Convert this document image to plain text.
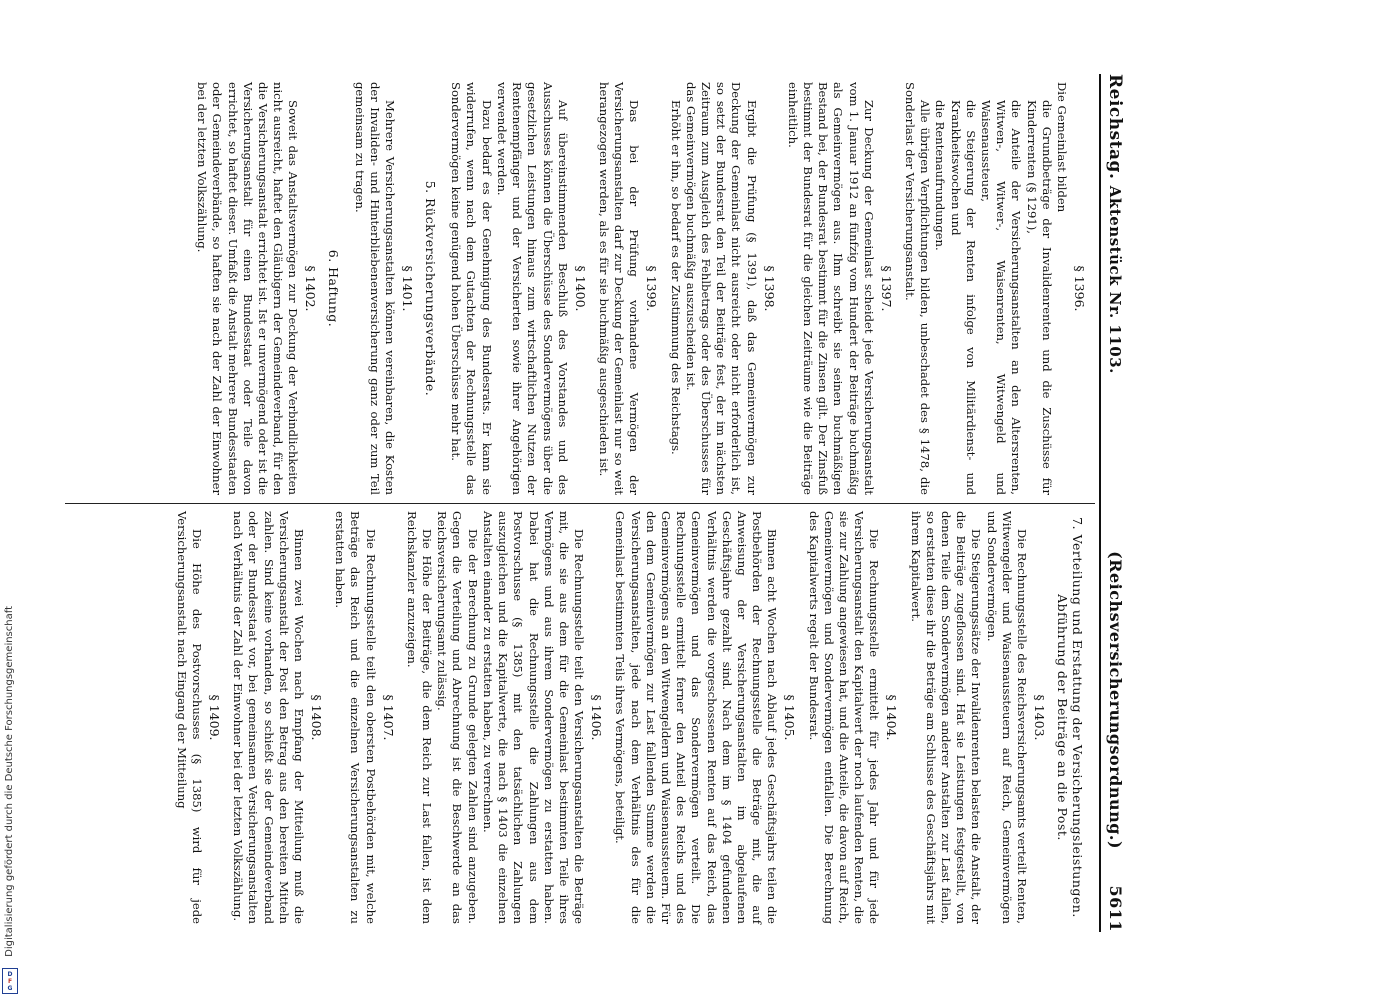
Reichstag. Aktenstück Nr. 1103.
(Reichsversicherungsordnung.)      5611
§ 1396.

Die Gemeinlast bilden

die Grundbeträge der Invalidenrenten und die Zuschüsse für Kinderrenten (§ 1291),

die Anteile der Versicherungsanstalten an den Altersrenten, Witwen-, Witwer-, Waisenrenten, Witwengeld und Waisenaussteuer,

die Steigerung der Renten infolge von Militärdienst- und Krankheitswochen und

die Rentenaufrundungen.

Alle übrigen Verpflichtungen bilden, unbeschadet des § 1478, die Sonderlast der Versicherungsanstalt.

§ 1397.

Zur Deckung der Gemeinlast scheidet jede Versicherungsanstalt vom 1. Januar 1912 an fünfzig vom Hundert der Beiträge buchmäßig als Gemeinvermögen aus. Ihm schreibt sie seinen buchmäßigen Bestand bei, der Bundesrat bestimmt für die Zinsen gilt. Der Zinsfuß bestimmt der Bundesrat für die gleichen Zeiträume wie die Beiträge einheitlich.

§ 1398.

Ergibt die Prüfung (§ 1391), daß das Gemeinvermögen zur Deckung der Gemeinlast nicht ausreicht oder nicht erforderlich ist, so setzt der Bundesrat den Teil der Beiträge fest, der im nächsten Zeitraum zum Ausgleich des Fehlbetrags oder des Überschusses für das Gemeinvermögen buchmäßig auszuscheiden ist.

Erhöht er ihn, so bedarf es der Zustimmung des Reichstags.

§ 1399.

Das bei der Prüfung vorhandene Vermögen der Versicherungsanstalten darf zur Deckung der Gemeinlast nur so weit herangezogen werden, als es für sie buchmäßig ausgeschieden ist.

§ 1400.

Auf übereinstimmenden Beschluß des Vorstandes und des Ausschusses können die Überschüsse des Sondervermögens über die gesetzlichen Leistungen hinaus zum wirtschaftlichen Nutzen der Rentenempfänger und der Versicherten sowie ihrer Angehörigen verwendet werden.

Dazu bedarf es der Genehmigung des Bundesrats. Er kann sie widerrufen, wenn nach dem Gutachten der Rechnungsstelle das Sondervermögen keine genügend hohen Überschüsse mehr hat.

5. Rückversicherungsverbände.
§ 1401.

Mehrere Versicherungsanstalten können vereinbaren, die Kosten der Invaliden- und Hinterbliebenenversicherung ganz oder zum Teil gemeinsam zu tragen.

6. Haftung.
§ 1402.

Soweit das Anstaltsvermögen zur Deckung der Verbindlichkeiten nicht ausreicht, haftet den Gläubigern der Gemeindeverband, für den die Versicherungsanstalt errichtet ist. Ist er unvermögend oder ist die Versicherungsanstalt für einen Bundesstaat oder Teile davon errichtet, so haftet dieser. Umfaßt die Anstalt mehrere Bundesstaaten oder Gemeindeverbände, so haften sie nach der Zahl der Einwohner bei der letzten Volkszählung.

7. Verteilung und Erstattung der Versicherungsleistungen. Abführung der Beiträge an die Post.
§ 1403.

Die Rechnungsstelle des Reichsversicherungsamts verteilt Renten, Witwengelder und Waisenaussteuern auf Reich, Gemeinvermögen und Sondervermögen.

Die Steigerungssätze der Invalidenrenten belasten die Anstalt, der die Beiträge zugeflossen sind. Hat sie Leistungen festgestellt, von denen Teile dem Sondervermögen anderer Anstalten zur Last fallen, so erstatten diese ihr die Beträge am Schlusse des Geschäftsjahrs mit ihrem Kapitalwert.

§ 1404.

Die Rechnungsstelle ermittelt für jedes Jahr und für jede Versicherungsanstalt den Kapitalwert der noch laufenden Renten, die sie zur Zahlung angewiesen hat, und die Anteile, die davon auf Reich, Gemeinvermögen und Sondervermögen entfallen. Die Berechnung des Kapitalwerts regelt der Bundesrat.

§ 1405.

Binnen acht Wochen nach Ablauf jedes Geschäftsjahrs teilen die Postbehörden der Rechnungsstelle die Beträge mit, die auf Anweisung der Versicherungsanstalten im abgelaufenen Geschäftsjahre gezahlt sind. Nach dem im § 1404 gefundenen Verhältnis werden die vorgeschossenen Renten auf das Reich, das Gemeinvermögen und das Sondervermögen verteilt. Die Rechnungsstelle ermittelt ferner den Anteil des Reichs und des Gemeinvermögens an den Witwengeldern und Waisenaussteuern. Für den dem Gemeinvermögen zur Last fallenden Summe werden die Versicherungsanstalten, jede nach dem Verhältnis des für die Gemeinlast bestimmten Teils ihres Vermögens, beteiligt.

§ 1406.

Die Rechnungsstelle teilt den Versicherungsanstalten die Beträge mit, die sie aus dem für die Gemeinlast bestimmten Teile ihres Vermögens und aus ihrem Sondervermögen zu erstatten haben. Dabei hat die Rechnungsstelle die Zahlungen aus dem Postvorschusse (§ 1385) mit den tatsächlichen Zahlungen auszugleichen und die Kapitalwerte, die nach § 1403 die einzelnen Anstalten einander zu erstatten haben, zu verrechnen.

Die der Berechnung zu Grunde gelegten Zahlen sind anzugeben. Gegen die Verteilung und Abrechnung ist die Beschwerde an das Reichsversicherungsamt zulässig.

Die Höhe der Beiträge, die dem Reich zur Last fallen, ist dem Reichskanzler anzuzeigen.

§ 1407.

Die Rechnungsstelle teilt den obersten Postbehörden mit, welche Beträge das Reich und die einzelnen Versicherungsanstalten zu erstatten haben.

§ 1408.

Binnen zwei Wochen nach Empfang der Mitteilung muß die Versicherungsanstalt der Post den Betrag aus den bereiten Mitteln zahlen. Sind keine vorhanden, so schießt sie der Gemeindeverband oder der Bundesstaat vor, bei gemeinsamen Versicherungsanstalten nach Verhältnis der Zahl der Einwohner bei der letzten Volkszählung.

§ 1409.

Die Höhe des Postvorschusses (§ 1385) wird für jede Versicherungsanstalt nach Eingang der Mitteilung

Digitalisierung gefördert durch die Deutsche Forschungsgemeinschaft
D
F
G
